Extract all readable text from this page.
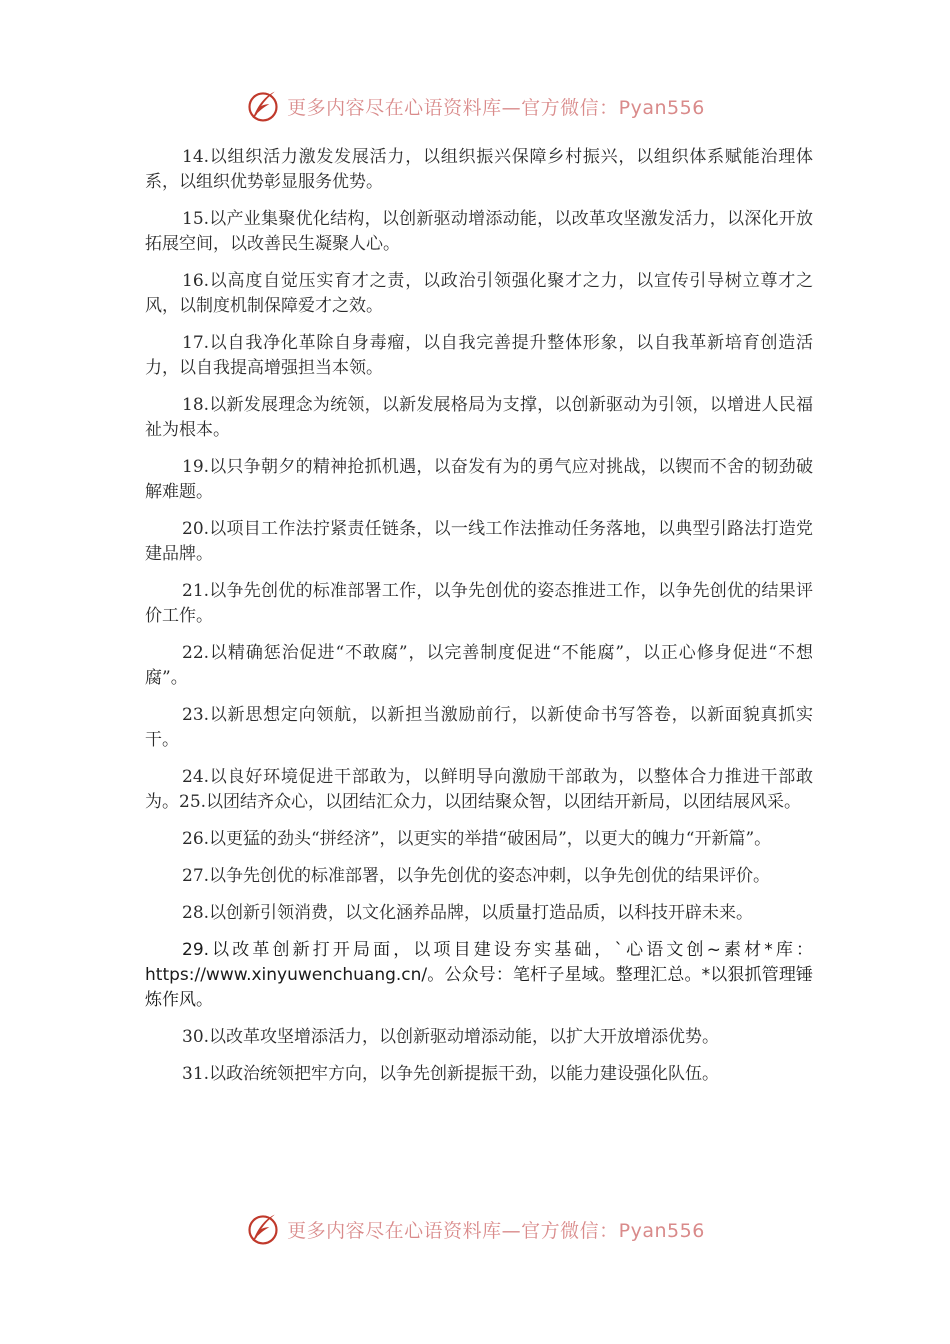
更多内容尽在心语资料库—官方微信：Pyan556

14.以组织活力激发发展活力，以组织振兴保障乡村振兴，以组织体系赋能治理体系，以组织优势彰显服务优势。

15.以产业集聚优化结构，以创新驱动增添动能，以改革攻坚激发活力，以深化开放拓展空间，以改善民生凝聚人心。

16.以高度自觉压实育才之责，以政治引领强化聚才之力，以宣传引导树立尊才之风，以制度机制保障爱才之效。

17.以自我净化革除自身毒瘤，以自我完善提升整体形象，以自我革新培育创造活力，以自我提高增强担当本领。

18.以新发展理念为统领，以新发展格局为支撑，以创新驱动为引领，以增进人民福祉为根本。

19.以只争朝夕的精神抢抓机遇，以奋发有为的勇气应对挑战，以锲而不舍的韧劲破解难题。

20.以项目工作法拧紧责任链条，以一线工作法推动任务落地，以典型引路法打造党建品牌。

21.以争先创优的标准部署工作，以争先创优的姿态推进工作，以争先创优的结果评价工作。

22.以精确惩治促进“不敢腐”，以完善制度促进“不能腐”，以正心修身促进“不想腐”。

23.以新思想定向领航，以新担当激励前行，以新使命书写答卷，以新面貌真抓实干。

24.以良好环境促进干部敢为，以鲜明导向激励干部敢为，以整体合力推进干部敢为。25.以团结齐众心，以团结汇众力，以团结聚众智，以团结开新局，以团结展风采。

26.以更猛的劲头“拼经济”，以更实的举措“破困局”，以更大的魄力“开新篇”。

27.以争先创优的标准部署，以争先创优的姿态冲刺，以争先创优的结果评价。

28.以创新引领消费，以文化涵养品牌，以质量打造品质，以科技开辟未来。

29.以改革创新打开局面，以项目建设夯实基础，`心语文创~素材*库：https://www.xinyuwenchuang.cn/。公众号：笔杆子星域。整理汇总。*以狠抓管理锤炼作风。

30.以改革攻坚增添活力，以创新驱动增添动能，以扩大开放增添优势。

31.以政治统领把牢方向，以争先创新提振干劲，以能力建设强化队伍。

更多内容尽在心语资料库—官方微信：Pyan556
